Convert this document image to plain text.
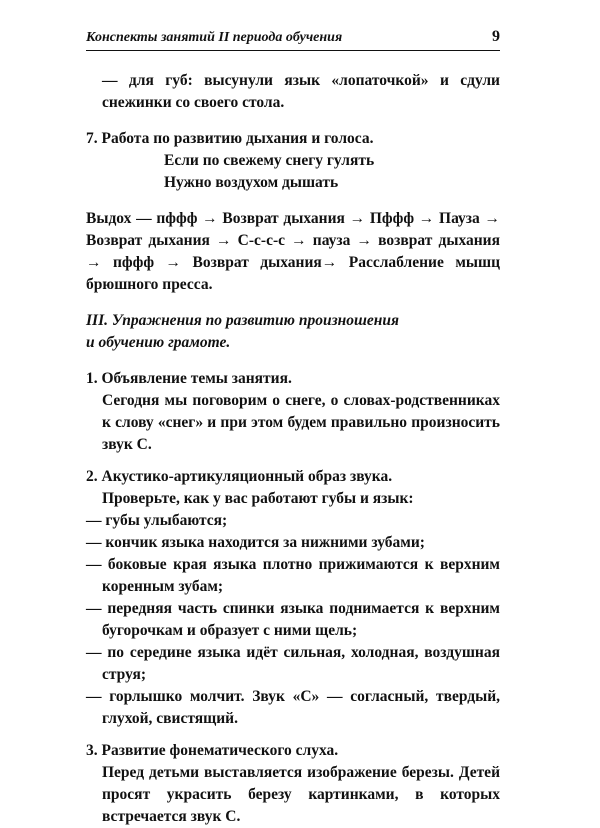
Конспекты занятий II периода обучения	9

— для губ: высунули язык «лопаточкой» и сдули снежинки со своего стола.

7. Работа по развитию дыхания и голоса.

Если по свежему снегу гулять

Нужно воздухом дышать

Выдох — пффф → Возврат дыхания → Пффф → Пауза → Возврат дыхания → С-с-с-с → пауза → возврат дыхания → пффф → Возврат дыхания→ Расслабление мышц брюшного пресса.

III. Упражнения по развитию произношения

и обучению грамоте.

1. Объявление темы занятия.

Сегодня мы поговорим о снеге, о словах-родственниках к слову «снег» и при этом будем правильно произносить звук С.

2. Акустико-артикуляционный образ звука.

Проверьте, как у вас работают губы и язык:

— губы улыбаются;

— кончик языка находится за нижними зубами;

— боковые края языка плотно прижимаются к верхним коренным зубам;

— передняя часть спинки языка поднимается к верхним бугорочкам и образует с ними щель;

— по середине языка идёт сильная, холодная, воздушная струя;

— горлышко молчит. Звук «С» — согласный, твердый, глухой, свистящий.

3. Развитие фонематического слуха.

Перед детьми выставляется изображение березы. Детей просят украсить березу картинками, в которых встречается звук С.
